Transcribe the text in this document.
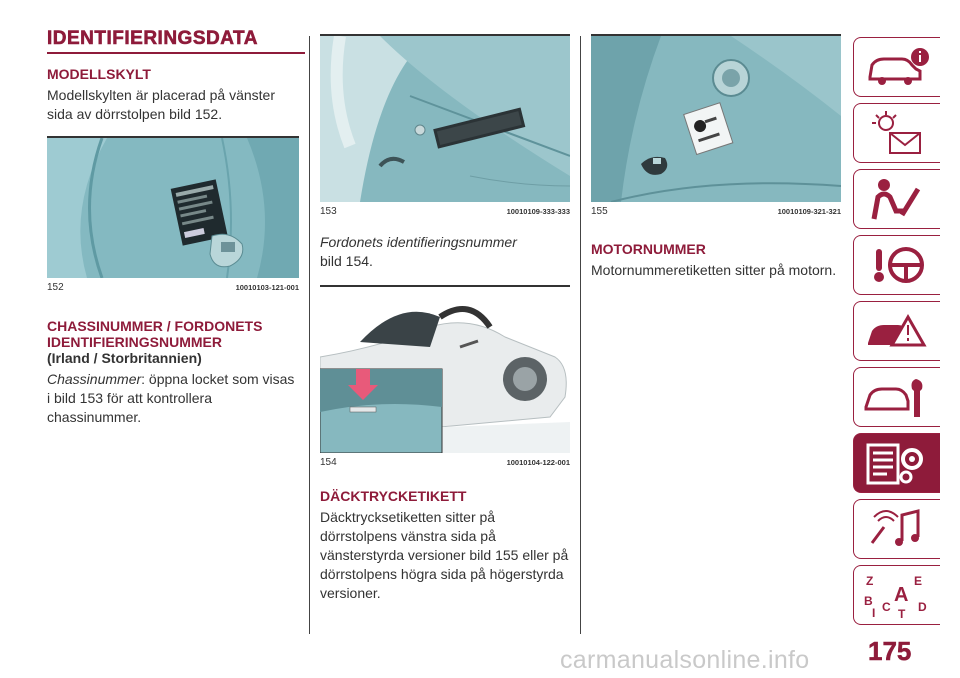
IDENTIFIERINGSDATA
MODELLSKYLT

Modellskylten är placerad på vänster sida av dörrstolpen bild 152.

152	10010103-121-001
CHASSINUMMER / FORDONETS
IDENTIFIERINGSNUMMER
(Irland / Storbritannien)

Chassinummer: öppna locket som visas i bild 153 för att kontrollera chassinummer.

153	10010109-333-333

Fordonets identifieringsnummer
bild 154.

154	10010104-122-001
DÄCKTRYCKETIKETT

Däcktrycksetiketten sitter på dörrstolpens vänstra sida på vänsterstyrda versioner bild 155 eller på dörrstolpens högra sida på högerstyrda versioner.

155	10010109-321-321
MOTORNUMMER

Motornummeretiketten sitter på motorn.

Z	E
B A
C D
I T

175

carmanualsonline.info
